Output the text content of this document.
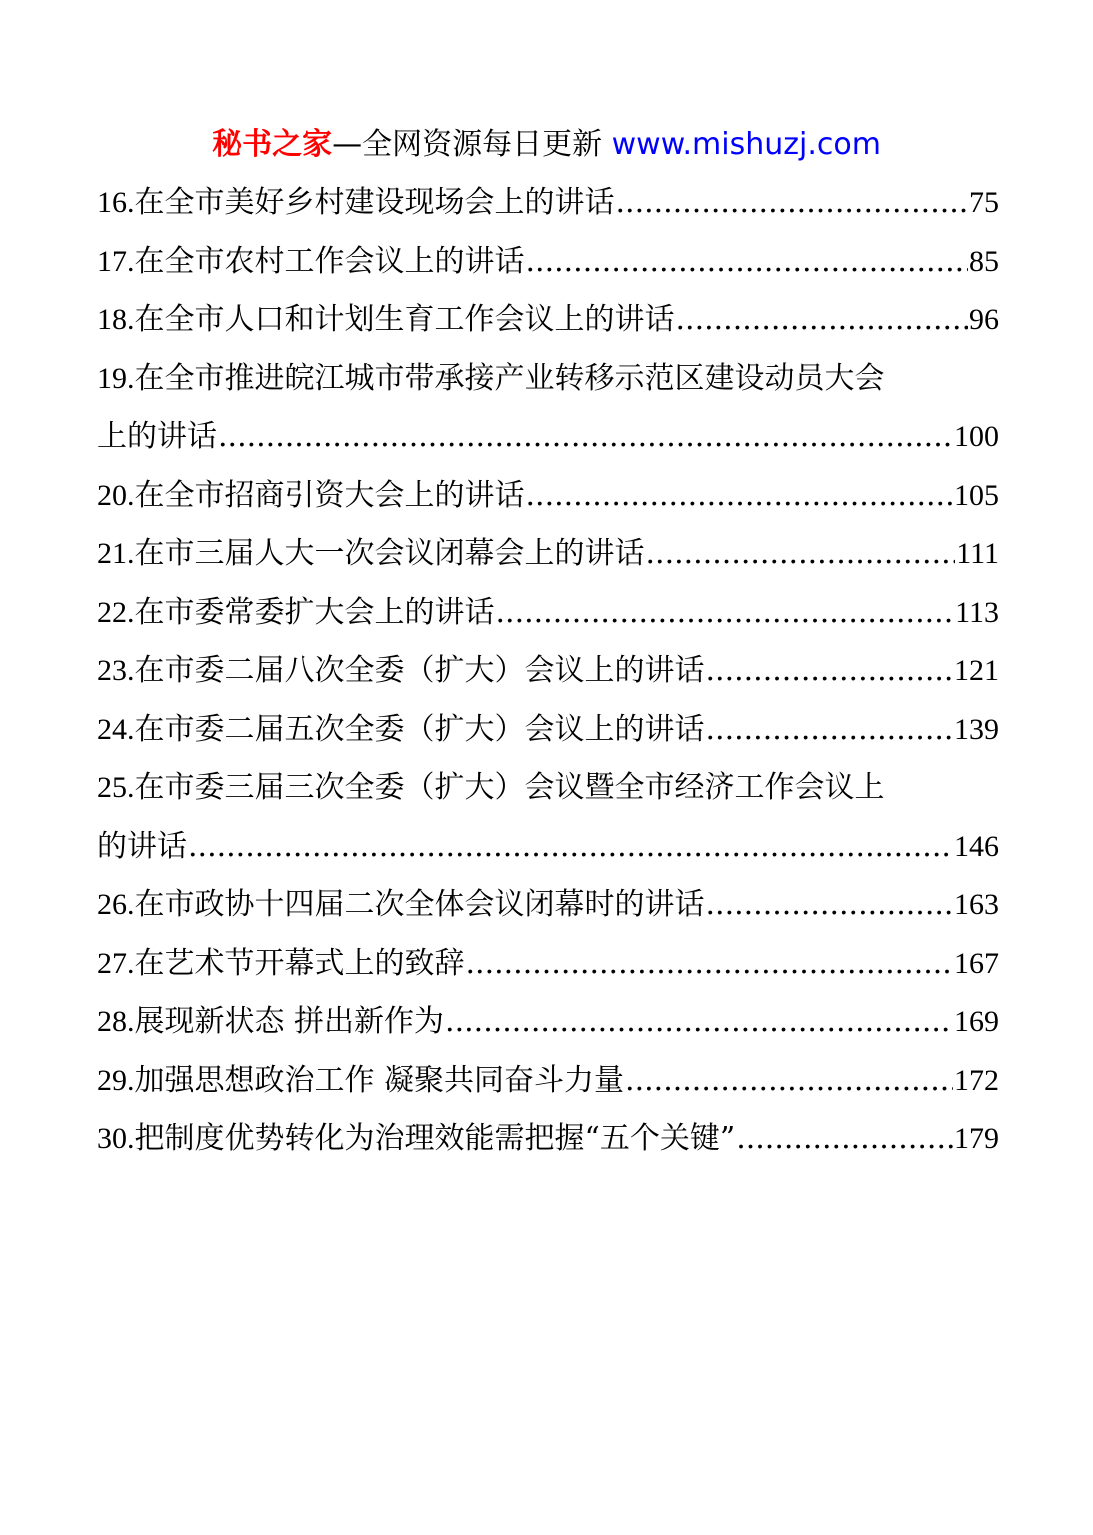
秘书之家—全网资源每日更新 www.mishuzj.com
16.在全市美好乡村建设现场会上的讲话 .....	75
17.在全市农村工作会议上的讲话 .....	85
18.在全市人口和计划生育工作会议上的讲话 .....	96
19.在全市推进皖江城市带承接产业转移示范区建设动员大会
上的讲话 .....	100
20.在全市招商引资大会上的讲话 .....	105
21.在市三届人大一次会议闭幕会上的讲话 .....	111
22.在市委常委扩大会上的讲话 .....	113
23.在市委二届八次全委（扩大）会议上的讲话 .....	121
24.在市委二届五次全委（扩大）会议上的讲话 .....	139
25.在市委三届三次全委（扩大）会议暨全市经济工作会议上
的讲话 .....	146
26.在市政协十四届二次全体会议闭幕时的讲话 .....	163
27.在艺术节开幕式上的致辞 .....	167
28.展现新状态 拼出新作为 .....	169
29.加强思想政治工作 凝聚共同奋斗力量 .....	172
30.把制度优势转化为治理效能需把握“五个关键” .....	179
